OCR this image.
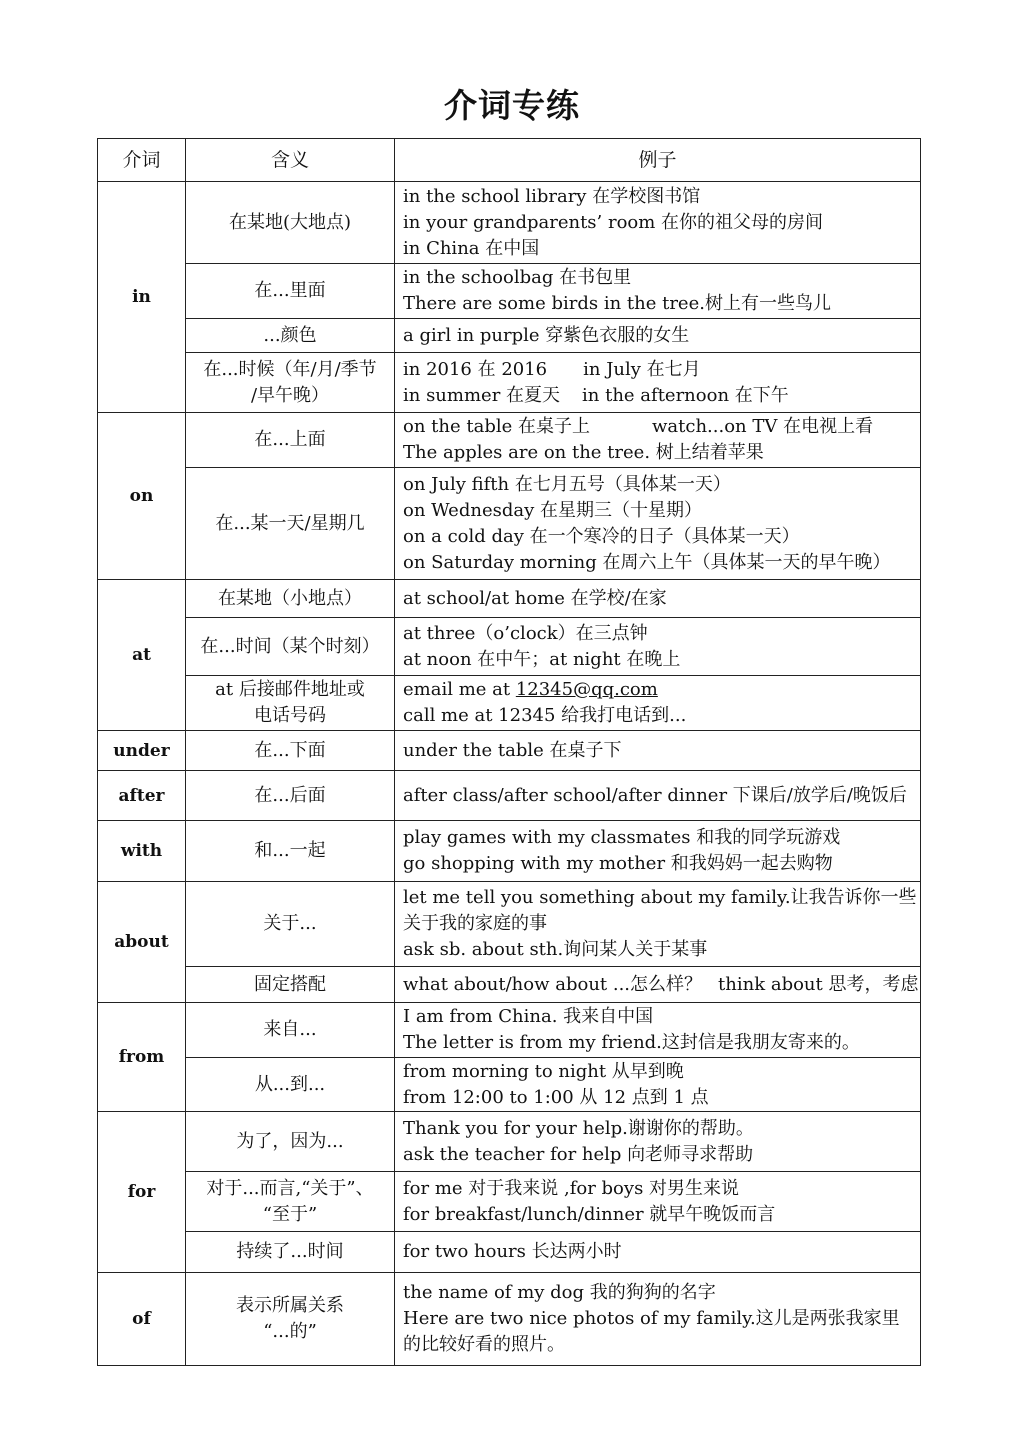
介词专练
介词	含义	例子
in	在某地(大地点)	in the school library 在学校图书馆
in your grandparents’ room 在你的祖父母的房间
in China 在中国

	在...里面	in the schoolbag 在书包里
There are some birds in the tree.树上有一些鸟儿

	...颜色	a girl in purple 穿紫色衣服的女生

	在...时候（年/月/季节
/早午晚）	in 2016 在 2016 in July 在七月
in summer 在夏天 in the afternoon 在下午

on	在...上面	on the table 在桌子上 watch...on TV 在电视上看
The apples are on the tree. 树上结着苹果

	在...某一天/星期几	on July fifth 在七月五号（具体某一天）
on Wednesday 在星期三（十星期）
on a cold day 在一个寒冷的日子（具体某一天）
on Saturday morning 在周六上午（具体某一天的早午晚）

at	在某地（小地点）	at school/at home 在学校/在家

	在...时间（某个时刻）	at three（o’clock）在三点钟
at noon 在中午；at night 在晚上

	at 后接邮件地址或
电话号码	email me at 12345@qq.com
call me at 12345 给我打电话到...

under	在...下面	under the table 在桌子下

after	在...后面	after class/after school/after dinner 下课后/放学后/晚饭后

with	和...一起	play games with my classmates 和我的同学玩游戏
go shopping with my mother 和我妈妈一起去购物

about	关于...	let me tell you something about my family.让我告诉你一些
关于我的家庭的事
ask sb. about sth.询问某人关于某事

	固定搭配	what about/how about ...怎么样？ think about 思考，考虑

from	来自...	I am from China. 我来自中国
The letter is from my friend.这封信是我朋友寄来的。

	从...到...	from morning to night 从早到晚
from 12:00 to 1:00 从 12 点到 1 点

for	为了，因为...	Thank you for your help.谢谢你的帮助。
ask the teacher for help 向老师寻求帮助

	对于...而言,“关于”、
“至于”	for me 对于我来说 ,for boys 对男生来说
for breakfast/lunch/dinner 就早午晚饭而言

	持续了...时间	for two hours 长达两小时

of	表示所属关系
“...的”	the name of my dog 我的狗狗的名字
Here are two nice photos of my family.这儿是两张我家里
的比较好看的照片。
